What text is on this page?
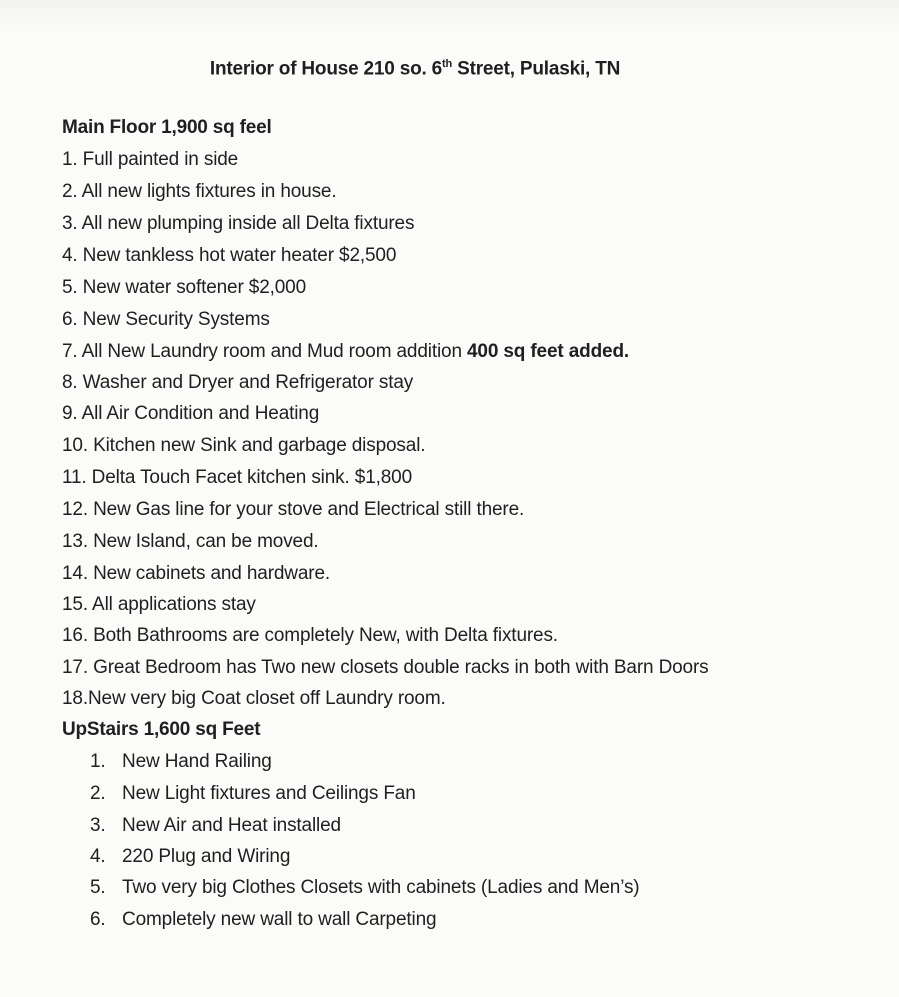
Interior of House 210 so. 6th Street, Pulaski, TN
Main Floor 1,900 sq feel
1. Full painted in side
2. All new lights fixtures in house.
3. All new plumping inside all Delta fixtures
4. New tankless hot water heater $2,500
5. New water softener $2,000
6. New Security Systems
7. All New Laundry room and Mud room addition 400 sq feet added.
8. Washer and Dryer and Refrigerator stay
9. All Air Condition and Heating
10. Kitchen new Sink and garbage disposal.
11. Delta Touch Facet kitchen sink. $1,800
12. New Gas line for your stove and Electrical still there.
13. New Island, can be moved.
14. New cabinets and hardware.
15. All applications stay
16. Both Bathrooms are completely New, with Delta fixtures.
17. Great Bedroom has Two new closets double racks in both with Barn Doors
18.New very big Coat closet off Laundry room.
UpStairs 1,600 sq Feet
1. New Hand Railing
2. New Light fixtures and Ceilings Fan
3. New Air and Heat installed
4. 220 Plug and Wiring
5. Two very big Clothes Closets with cabinets (Ladies and Men’s)
6. Completely new wall to wall Carpeting
